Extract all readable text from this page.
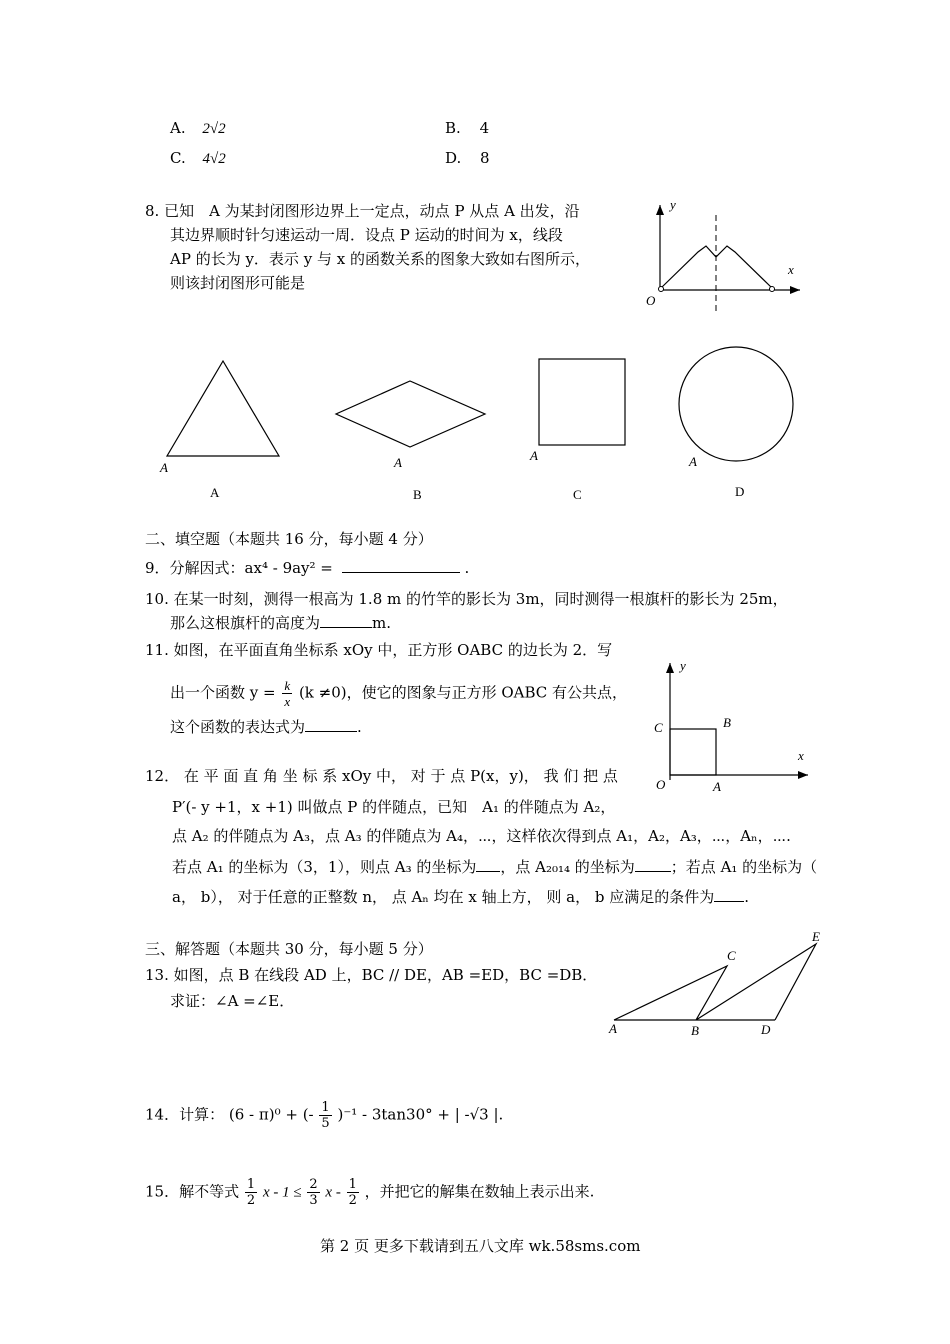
A. 2√2	B. 4
C. 4√2	D. 8
8. 已知　A 为某封闭图形边界上一定点，动点 P 从点 A 出发，沿
其边界顺时针匀速运动一周．设点 P 运动的时间为 x，线段
AP 的长为 y．表示 y 与 x 的函数关系的图象大致如右图所示，
则该封闭图形可能是
y
x
O
A	A	A	A
A	B	C	D
二、填空题（本题共 16 分，每小题 4 分）
9．分解因式：ax⁴ - 9ay² =	.
10. 在某一时刻，测得一根高为 1.8 m 的竹竿的影长为 3m，同时测得一根旗杆的影长为 25m，
那么这根旗杆的高度为	m.
11. 如图，在平面直角坐标系 xOy 中，正方形 OABC 的边长为 2．写
出一个函数 $y = \frac{k}{x} (k \ne 0)$，使它的图象与正方形 OABC 有公共点，
这个函数的表达式为	.
y
x
O	A
B
C
12． 在 平 面 直 角 坐 标 系 xOy 中， 对 于 点 P(x，y)， 我 们 把 点
P′(- y +1，x +1) 叫做点 P 的伴随点，已知　A₁ 的伴随点为 A₂，
点 A₂ 的伴随点为 A₃，点 A₃ 的伴随点为 A₄，⋯，这样依次得到点 A₁，A₂，A₃，⋯，Aₙ，⋯.
若点 A₁ 的坐标为（3，1），则点 A₃ 的坐标为 ，点 A₂₀₁₄ 的坐标为 ；若点 A₁ 的坐标为（
a， b）， 对于任意的正整数 n， 点 Aₙ 均在 x 轴上方， 则 a， b 应满足的条件为 .
三、解答题（本题共 30 分，每小题 5 分）
13. 如图，点 B 在线段 AD 上，BC // DE，AB =ED，BC =DB．
求证：∠A =∠E．
A	B
C
D
E
14．计算： (6 - π)⁰ + (- $\frac{1}{5} )^{-1} - 3\tan 30^\circ$ + | -√3 |.
15．解不等式 $\frac{1}{2}$ $x - 1 \le \frac{2}{3}$ x - $\frac{1}{2}$ ，并把它的解集在数轴上表示出来.
第 2 页 更多下载请到五八文库 wk.58sms.com
